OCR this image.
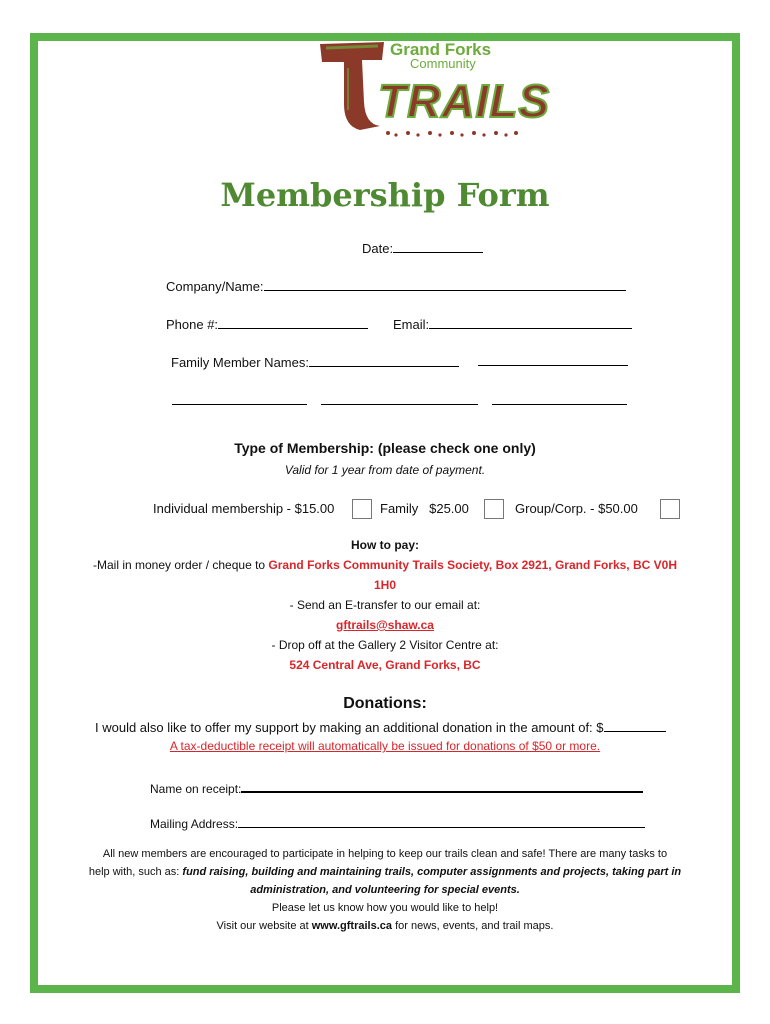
Grand Forks
Community
TRAILS
Membership Form
Date:
Company/Name:
Phone #:	Email:
Family Member Names:
Type of Membership: (please check one only)
Valid for 1 year from date of payment.
Individual membership - $15.00	Family   $25.00	Group/Corp. - $50.00
How to pay:
-Mail in money order / cheque to Grand Forks Community Trails Society, Box 2921, Grand Forks, BC V0H
1H0
- Send an E-transfer to our email at:
gftrails@shaw.ca
- Drop off at the Gallery 2 Visitor Centre at:
524 Central Ave, Grand Forks, BC
Donations:
I would also like to offer my support by making an additional donation in the amount of: $
A tax-deductible receipt will automatically be issued for donations of $50 or more.
Name on receipt:
Mailing Address:
All new members are encouraged to participate in helping to keep our trails clean and safe! There are many tasks to
help with, such as: fund raising, building and maintaining trails, computer assignments and projects, taking part in
administration, and volunteering for special events.
Please let us know how you would like to help!
Visit our website at www.gftrails.ca for news, events, and trail maps.
